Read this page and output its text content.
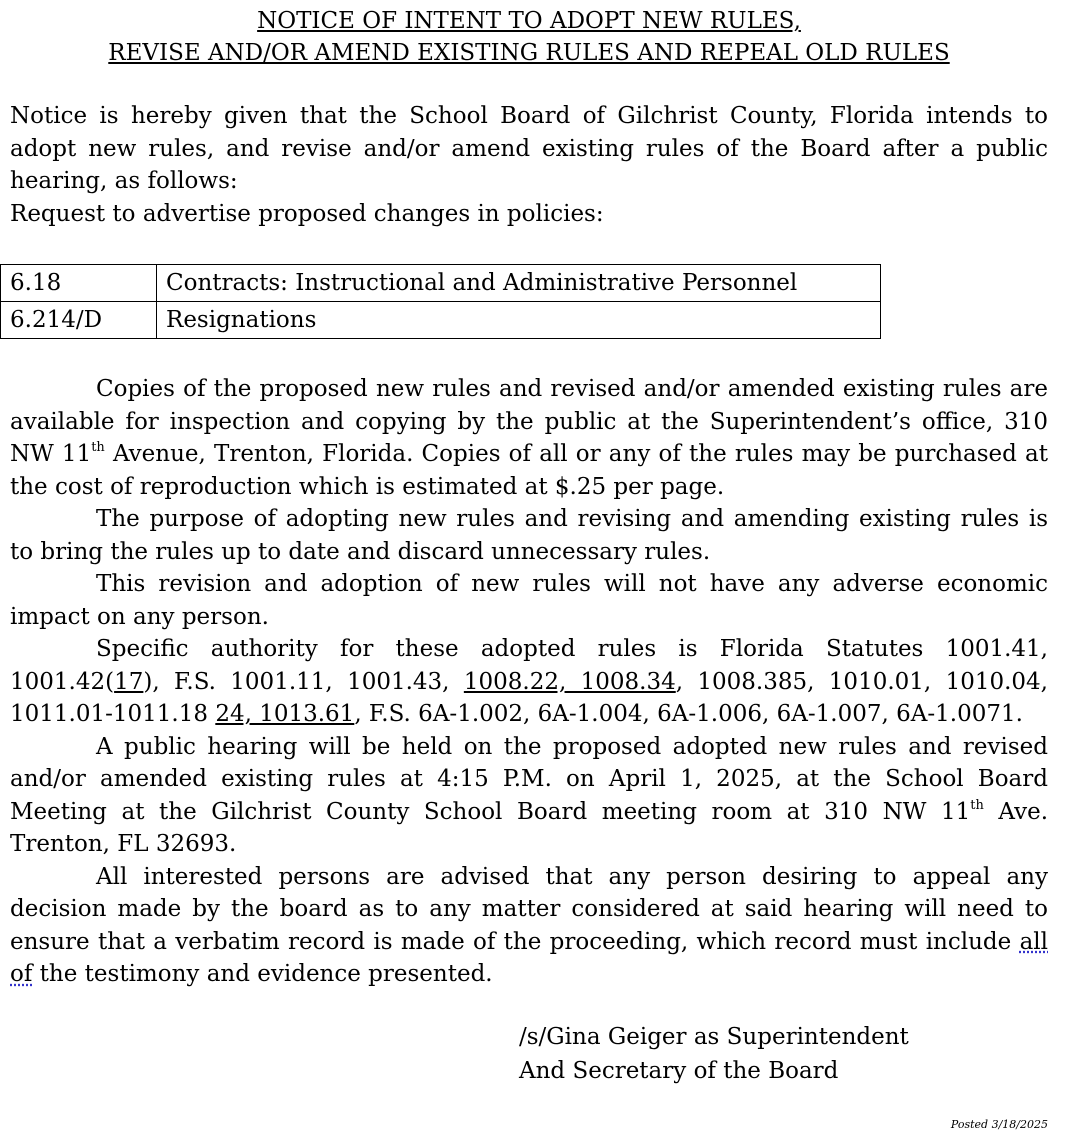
NOTICE OF INTENT TO ADOPT NEW RULES,
REVISE AND/OR AMEND EXISTING RULES AND REPEAL OLD RULES

Notice is hereby given that the School Board of Gilchrist County, Florida intends to adopt new rules, and revise and/or amend existing rules of the Board after a public hearing, as follows:

Request to advertise proposed changes in policies:

6.18	Contracts: Instructional and Administrative Personnel
6.214/D	Resignations

Copies of the proposed new rules and revised and/or amended existing rules are available for inspection and copying by the public at the Superintendent’s office, 310 NW 11th Avenue, Trenton, Florida. Copies of all or any of the rules may be purchased at the cost of reproduction which is estimated at $.25 per page.

The purpose of adopting new rules and revising and amending existing rules is to bring the rules up to date and discard unnecessary rules.

This revision and adoption of new rules will not have any adverse economic impact on any person.

Specific authority for these adopted rules is Florida Statutes 1001.41, 1001.42(17), F.S. 1001.11, 1001.43, 1008.22, 1008.34, 1008.385, 1010.01, 1010.04, 1011.01-1011.18 24, 1013.61, F.S. 6A-1.002, 6A-1.004, 6A-1.006, 6A-1.007, 6A-1.0071.

A public hearing will be held on the proposed adopted new rules and revised and/or amended existing rules at 4:15 P.M. on April 1, 2025, at the School Board Meeting at the Gilchrist County School Board meeting room at 310 NW 11th Ave. Trenton, FL 32693.

All interested persons are advised that any person desiring to appeal any decision made by the board as to any matter considered at said hearing will need to ensure that a verbatim record is made of the proceeding, which record must include all of the testimony and evidence presented.

/s/Gina Geiger as Superintendent
And Secretary of the Board
Posted 3/18/2025
